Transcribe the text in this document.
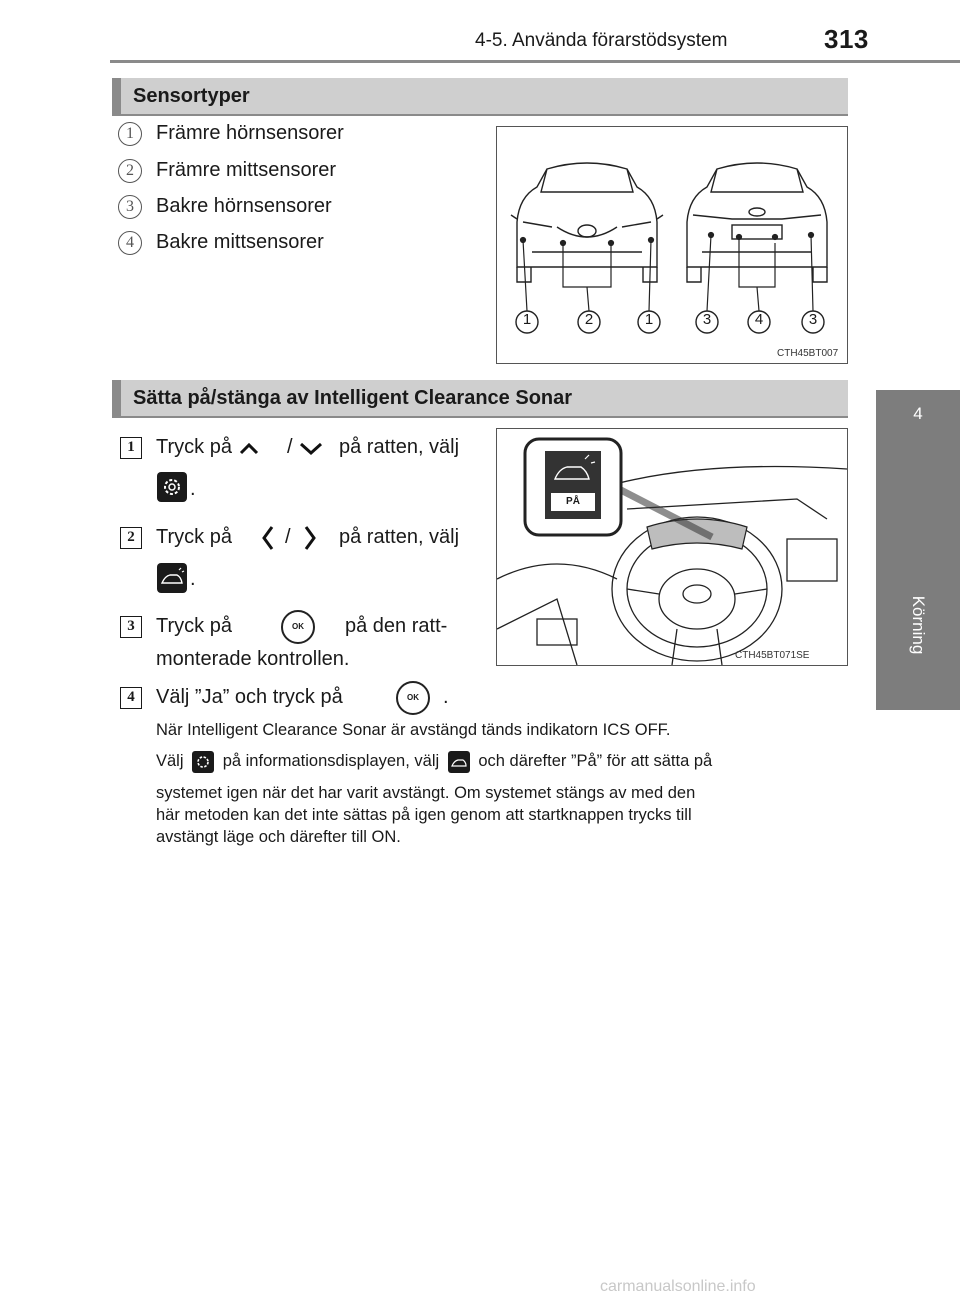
4-5. Använda förarstödsystem	313
4
Körning
Sensortyper
1	Främre hörnsensorer
2	Främre mittsensorer
3	Bakre hörnsensorer
4	Bakre mittsensorer
1	2	1	3	4	3
CTH45BT007
Sätta på/stänga av Intelligent Clearance Sonar
1	Tryck på	/ på ratten, välj
.
2	Tryck på	/ på ratten, välj
.
3	Tryck på	OK	på den ratt-
monterade kontrollen.
4	Välj ”Ja” och tryck på	OK	.
PÅ
CTH45BT071SE
När Intelligent Clearance Sonar är avstängd tänds indikatorn ICS OFF.
Välj på informationsdisplayen, välj och därefter ”På” för att sätta på
systemet igen när det har varit avstängt. Om systemet stängs av med den
här metoden kan det inte sättas på igen genom att startknappen trycks till
avstängt läge och därefter till ON.
carmanualsonline.info
